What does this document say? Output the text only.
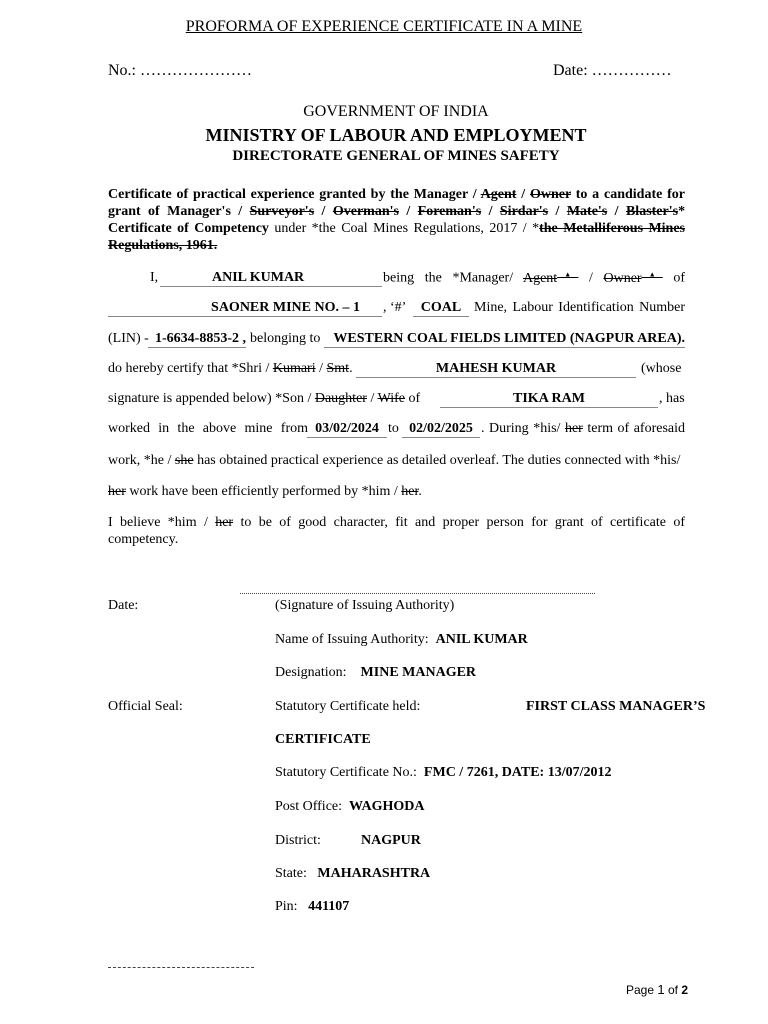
PROFORMA OF EXPERIENCE CERTIFICATE IN A MINE
No.: …………………	Date: ……………
GOVERNMENT OF INDIA
MINISTRY OF LABOUR AND EMPLOYMENT
DIRECTORATE GENERAL OF MINES SAFETY
Certificate of practical experience granted by the Manager / Agent / Owner to a candidate for
grant of Manager's / Surveyor's / Overman's / Foreman's / Sirdar's / Mate's / Blaster's*
Certificate of Competency under *the Coal Mines Regulations, 2017 / *the Metalliferous Mines
Regulations, 1961.
I,	ANIL KUMAR	being the *Manager/ Agent▲ / Owner▲ of
SAONER MINE NO. – 1	, ‘#’	COAL Mine, Labour Identification Number
(LIN) - 1-6634-8853-2 , belonging to WESTERN COAL FIELDS LIMITED (NAGPUR AREA).
do hereby certify that *Shri / Kumari / Smt.	MAHESH KUMAR	(whose
signature is appended below) *Son / Daughter / Wife of	TIKA RAM	, has
worked in the above mine from 03/02/2024 to 02/02/2025 . During *his/ her term of aforesaid
work, *he / she has obtained practical experience as detailed overleaf. The duties connected with *his/
her work have been efficiently performed by *him / her.
I believe *him / her to be of good character, fit and proper person for grant of certificate of
competency.
Date:	(Signature of Issuing Authority)
Name of Issuing Authority: ANIL KUMAR
Designation: MINE MANAGER
Official Seal:	Statutory Certificate held:	FIRST CLASS MANAGER’S
CERTIFICATE
Statutory Certificate No.: FMC / 7261, DATE: 13/07/2012
Post Office: WAGHODA
District:	NAGPUR
State: MAHARASHTRA
Pin: 441107
Page 1 of 2
